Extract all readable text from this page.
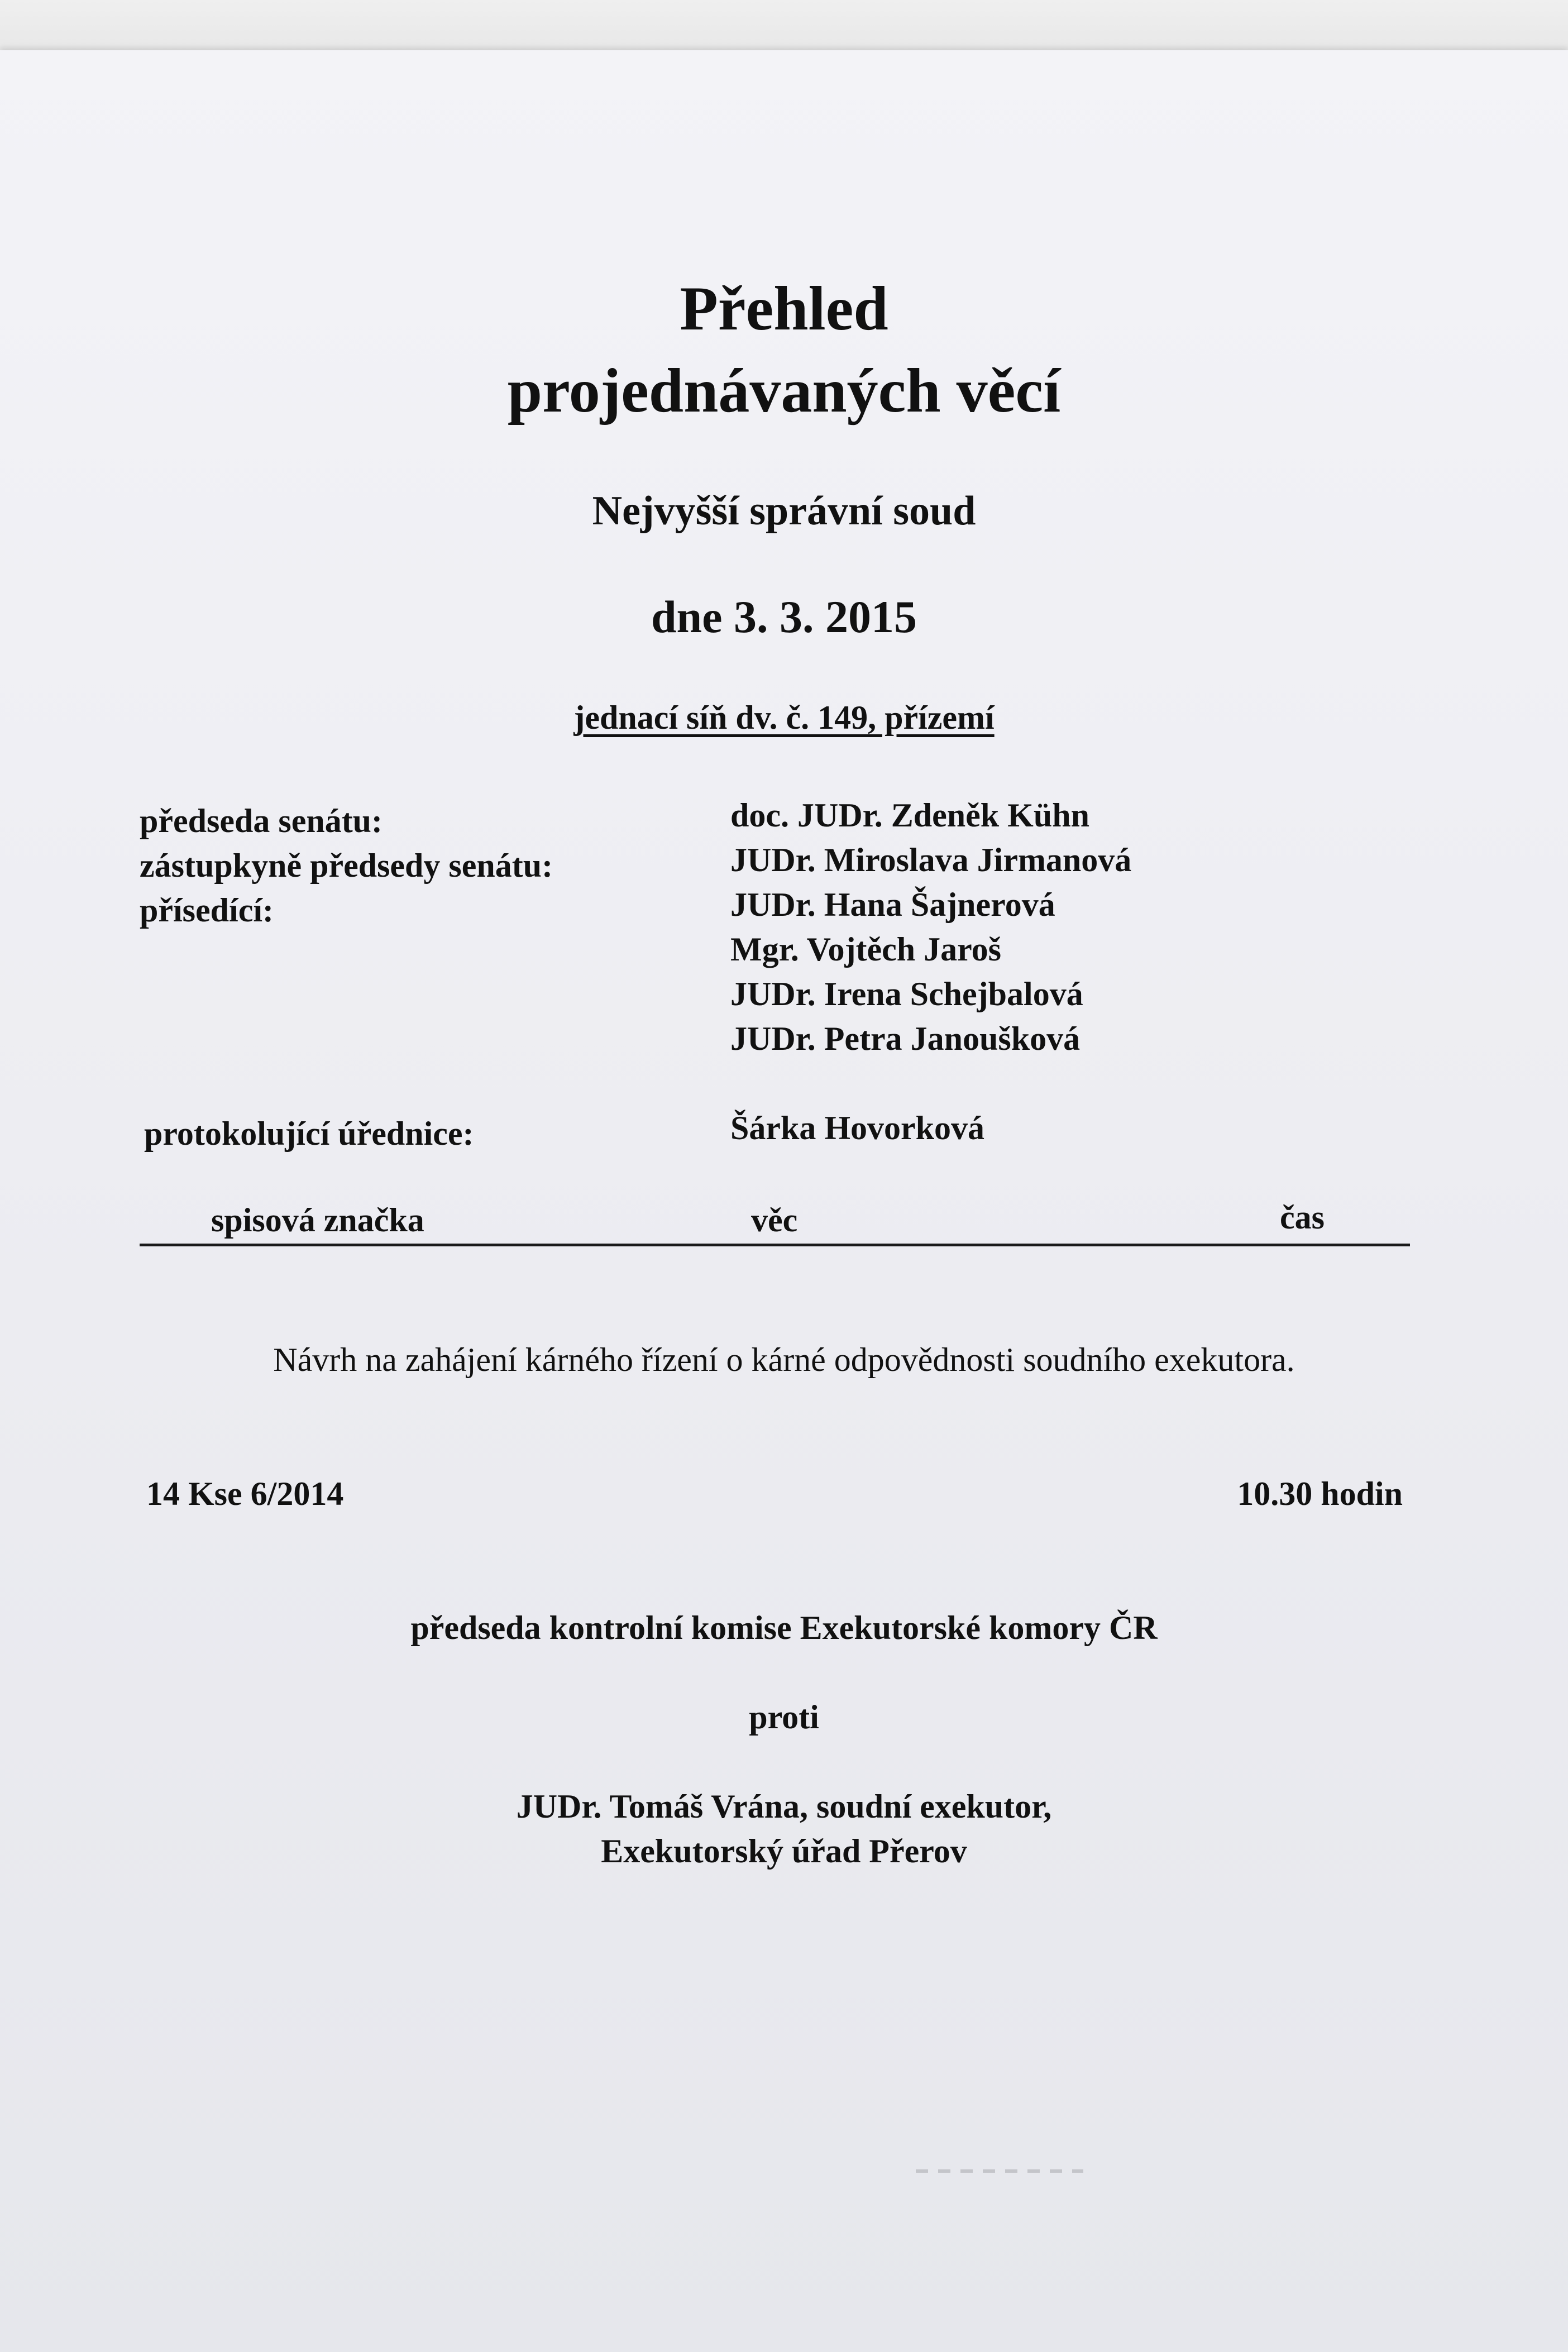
Přehled
projednávaných věcí
Nejvyšší správní soud
dne 3. 3. 2015
jednací síň dv. č. 149, přízemí
předseda senátu:	doc. JUDr. Zdeněk Kühn
zástupkyně předsedy senátu:	JUDr. Miroslava Jirmanová
přísedící:	JUDr. Hana Šajnerová
Mgr. Vojtěch Jaroš
JUDr. Irena Schejbalová
JUDr. Petra Janoušková
protokolující úřednice:	Šárka Hovorková
spisová značka	věc	čas
Návrh na zahájení kárného řízení o kárné odpovědnosti soudního exekutora.
14 Kse 6/2014	10.30 hodin
předseda kontrolní komise Exekutorské komory ČR
proti
JUDr. Tomáš Vrána, soudní exekutor,
Exekutorský úřad Přerov
